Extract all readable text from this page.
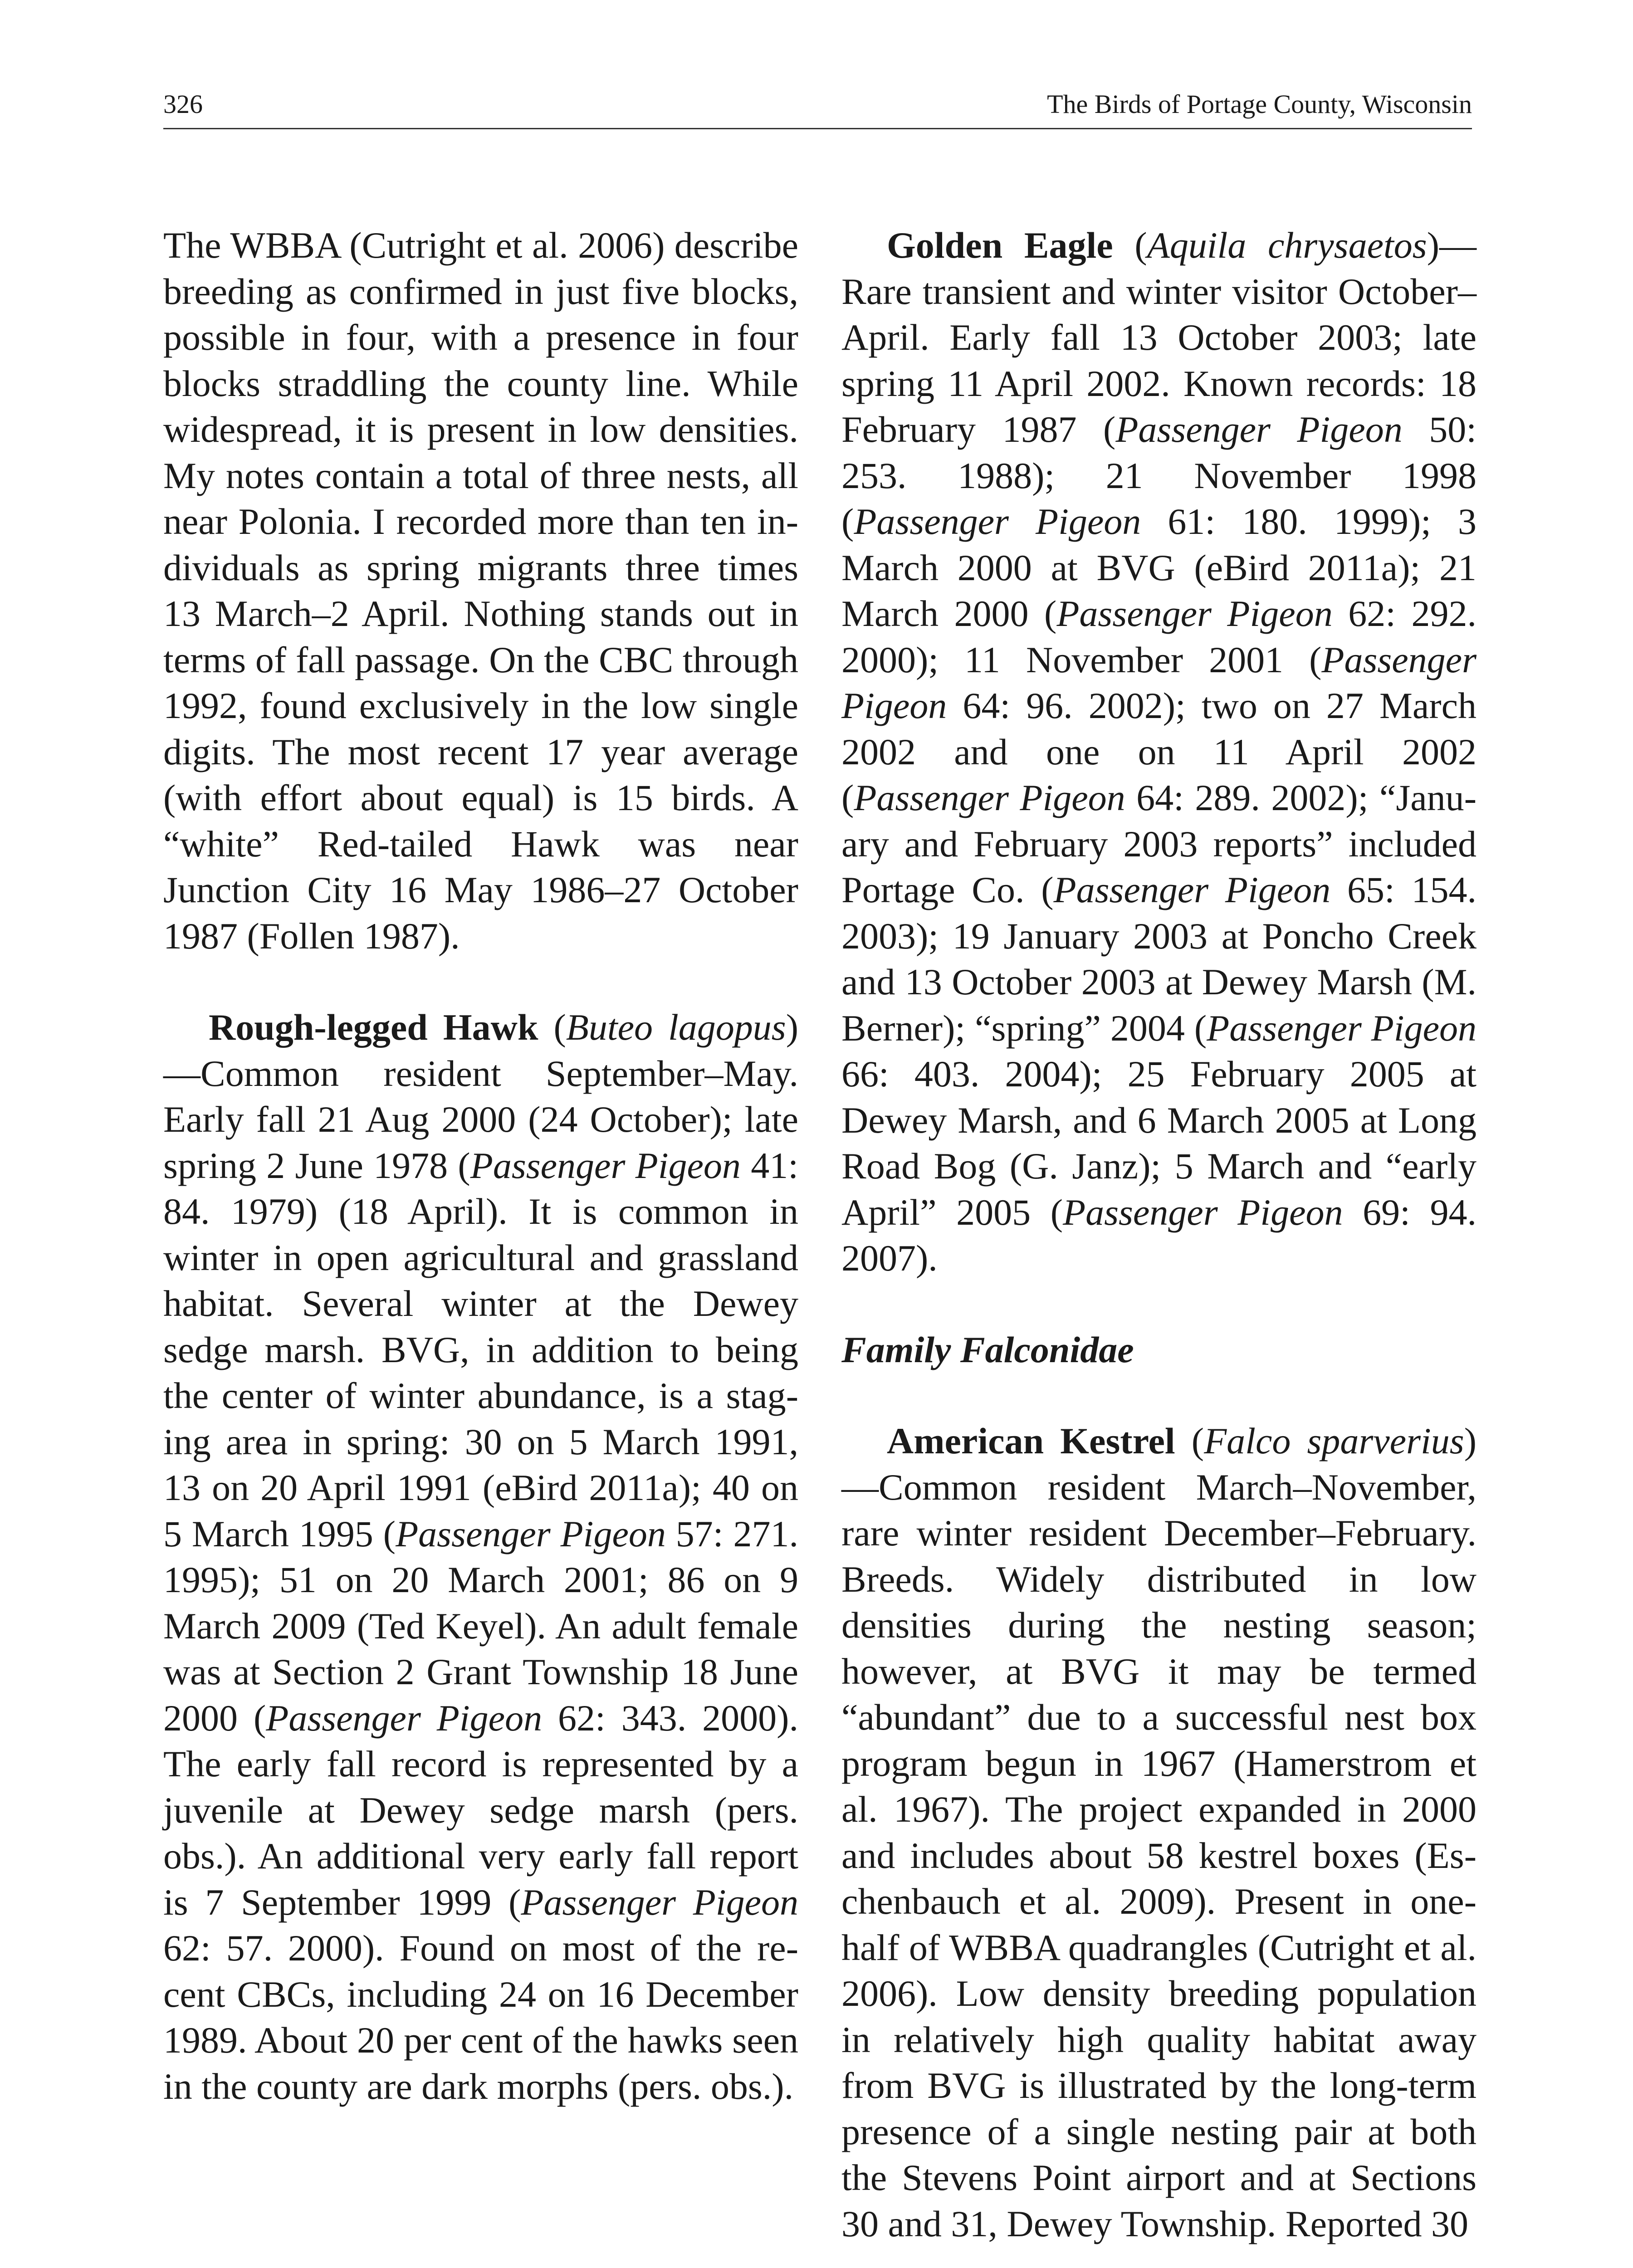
326	The Birds of Portage County, Wisconsin

The WBBA (Cutright et al. 2006) describe breeding as confirmed in just five blocks, possible in four, with a presence in four blocks straddling the county line. While widespread, it is present in low densities. My notes contain a total of three nests, all near Polonia. I recorded more than ten individuals as spring migrants three times 13 March–2 April. Nothing stands out in terms of fall passage. On the CBC through 1992, found exclusively in the low single digits. The most recent 17 year average (with effort about equal) is 15 birds. A “white” Red-tailed Hawk was near Junction City 16 May 1986–27 October 1987 (Follen 1987).

Rough-legged Hawk (Buteo lagopus)—Common resident September–May. Early fall 21 Aug 2000 (24 October); late spring 2 June 1978 (Passenger Pigeon 41: 84. 1979) (18 April). It is common in winter in open agricultural and grassland habitat. Several winter at the Dewey sedge marsh. BVG, in addition to being the center of winter abundance, is a staging area in spring: 30 on 5 March 1991, 13 on 20 April 1991 (eBird 2011a); 40 on 5 March 1995 (Passenger Pigeon 57: 271. 1995); 51 on 20 March 2001; 86 on 9 March 2009 (Ted Keyel). An adult female was at Section 2 Grant Township 18 June 2000 (Passenger Pigeon 62: 343. 2000). The early fall record is represented by a juvenile at Dewey sedge marsh (pers. obs.). An additional very early fall report is 7 September 1999 (Passenger Pigeon 62: 57. 2000). Found on most of the recent CBCs, including 24 on 16 December 1989. About 20 per cent of the hawks seen in the county are dark morphs (pers. obs.).

Golden Eagle (Aquila chrysaetos)—Rare transient and winter visitor October–April. Early fall 13 October 2003; late spring 11 April 2002. Known records: 18 February 1987 (Passenger Pigeon 50: 253. 1988); 21 November 1998 (Passenger Pigeon 61: 180. 1999); 3 March 2000 at BVG (eBird 2011a); 21 March 2000 (Passenger Pigeon 62: 292. 2000); 11 November 2001 (Passenger Pigeon 64: 96. 2002); two on 27 March 2002 and one on 11 April 2002 (Passenger Pigeon 64: 289. 2002); “January and February 2003 reports” included Portage Co. (Passenger Pigeon 65: 154. 2003); 19 January 2003 at Poncho Creek and 13 October 2003 at Dewey Marsh (M. Berner); “spring” 2004 (Passenger Pigeon 66: 403. 2004); 25 February 2005 at Dewey Marsh, and 6 March 2005 at Long Road Bog (G. Janz); 5 March and “early April” 2005 (Passenger Pigeon 69: 94. 2007).

Family Falconidae

American Kestrel (Falco sparverius)—Common resident March–November, rare winter resident December–February. Breeds. Widely distributed in low densities during the nesting season; however, at BVG it may be termed “abundant” due to a successful nest box program begun in 1967 (Hamerstrom et al. 1967). The project expanded in 2000 and includes about 58 kestrel boxes (Eschenbauch et al. 2009). Present in one-half of WBBA quadrangles (Cutright et al. 2006). Low density breeding population in relatively high quality habitat away from BVG is illustrated by the long-term presence of a single nesting pair at both the Stevens Point airport and at Sections 30 and 31, Dewey Township. Reported 30
